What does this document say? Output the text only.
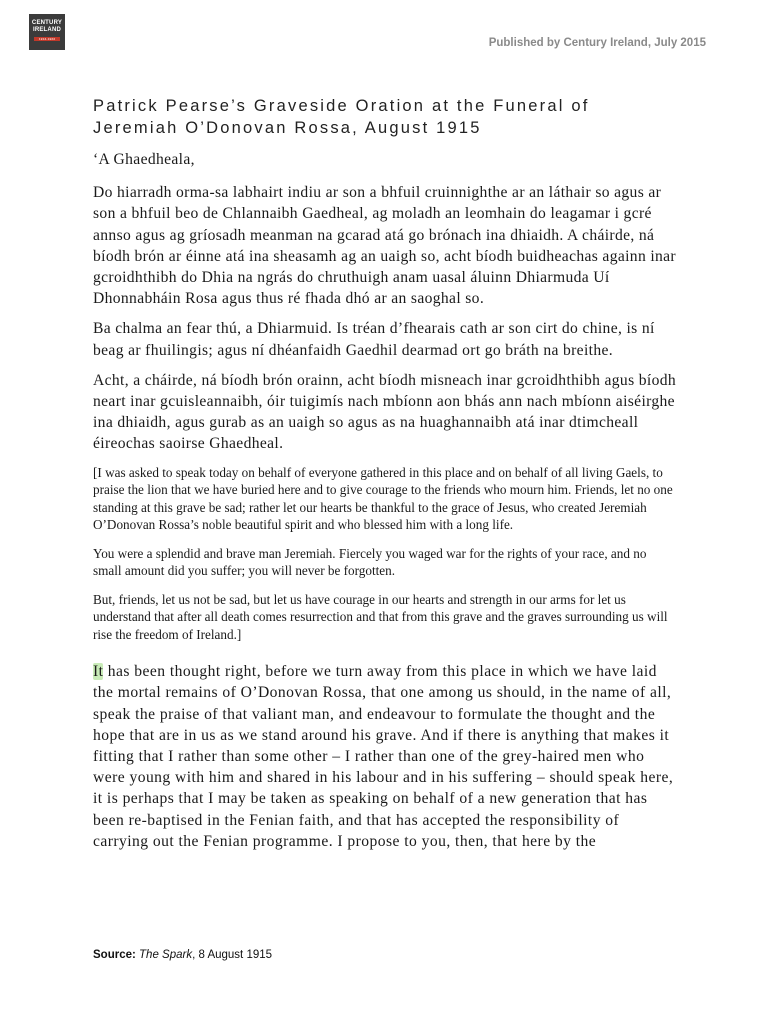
CENTURY
IRELAND
1913-1923	Published by Century Ireland, July 2015
Patrick Pearse’s Graveside Oration at the Funeral of Jeremiah O’Donovan Rossa, August 1915

‘A Ghaedheala,

Do hiarradh orma-sa labhairt indiu ar son a bhfuil cruinnighthe ar an láthair so agus ar son a bhfuil beo de Chlannaibh Gaedheal, ag moladh an leomhain do leagamar i gcré annso agus ag gríosadh meanman na gcarad atá go brónach ina dhiaidh. A cháirde, ná bíodh brón ar éinne atá ina sheasamh ag an uaigh so, acht bíodh buidheachas againn inar gcroidhthibh do Dhia na ngrás do chruthuigh anam uasal áluinn Dhiarmuda Uí Dhonnabháin Rosa agus thus ré fhada dhó ar an saoghal so.

Ba chalma an fear thú, a Dhiarmuid. Is tréan d’fhearais cath ar son cirt do chine, is ní beag ar fhuilingis; agus ní dhéanfaidh Gaedhil dearmad ort go bráth na breithe.

Acht, a cháirde, ná bíodh brón orainn, acht bíodh misneach inar gcroidhthibh agus bíodh neart inar gcuisleannaibh, óir tuigimís nach mbíonn aon bhás ann nach mbíonn aiséirghe ina dhiaidh, agus gurab as an uaigh so agus as na huaghannaibh atá inar dtimcheall éireochas saoirse Ghaedheal.

[I was asked to speak today on behalf of everyone gathered in this place and on behalf of all living Gaels, to praise the lion that we have buried here and to give courage to the friends who mourn him. Friends, let no one standing at this grave be sad; rather let our hearts be thankful to the grace of Jesus, who created Jeremiah O’Donovan Rossa’s noble beautiful spirit and who blessed him with a long life.

You were a splendid and brave man Jeremiah. Fiercely you waged war for the rights of your race, and no small amount did you suffer; you will never be forgotten.

But, friends, let us not be sad, but let us have courage in our hearts and strength in our arms for let us understand that after all death comes resurrection and that from this grave and the graves surrounding us will rise the freedom of Ireland.]

It has been thought right, before we turn away from this place in which we have laid the mortal remains of O’Donovan Rossa, that one among us should, in the name of all, speak the praise of that valiant man, and endeavour to formulate the thought and the hope that are in us as we stand around his grave. And if there is anything that makes it fitting that I rather than some other – I rather than one of the grey-haired men who were young with him and shared in his labour and in his suffering – should speak here, it is perhaps that I may be taken as speaking on behalf of a new generation that has been re-baptised in the Fenian faith, and that has accepted the responsibility of carrying out the Fenian programme. I propose to you, then, that here by the

Source: The Spark, 8 August 1915
